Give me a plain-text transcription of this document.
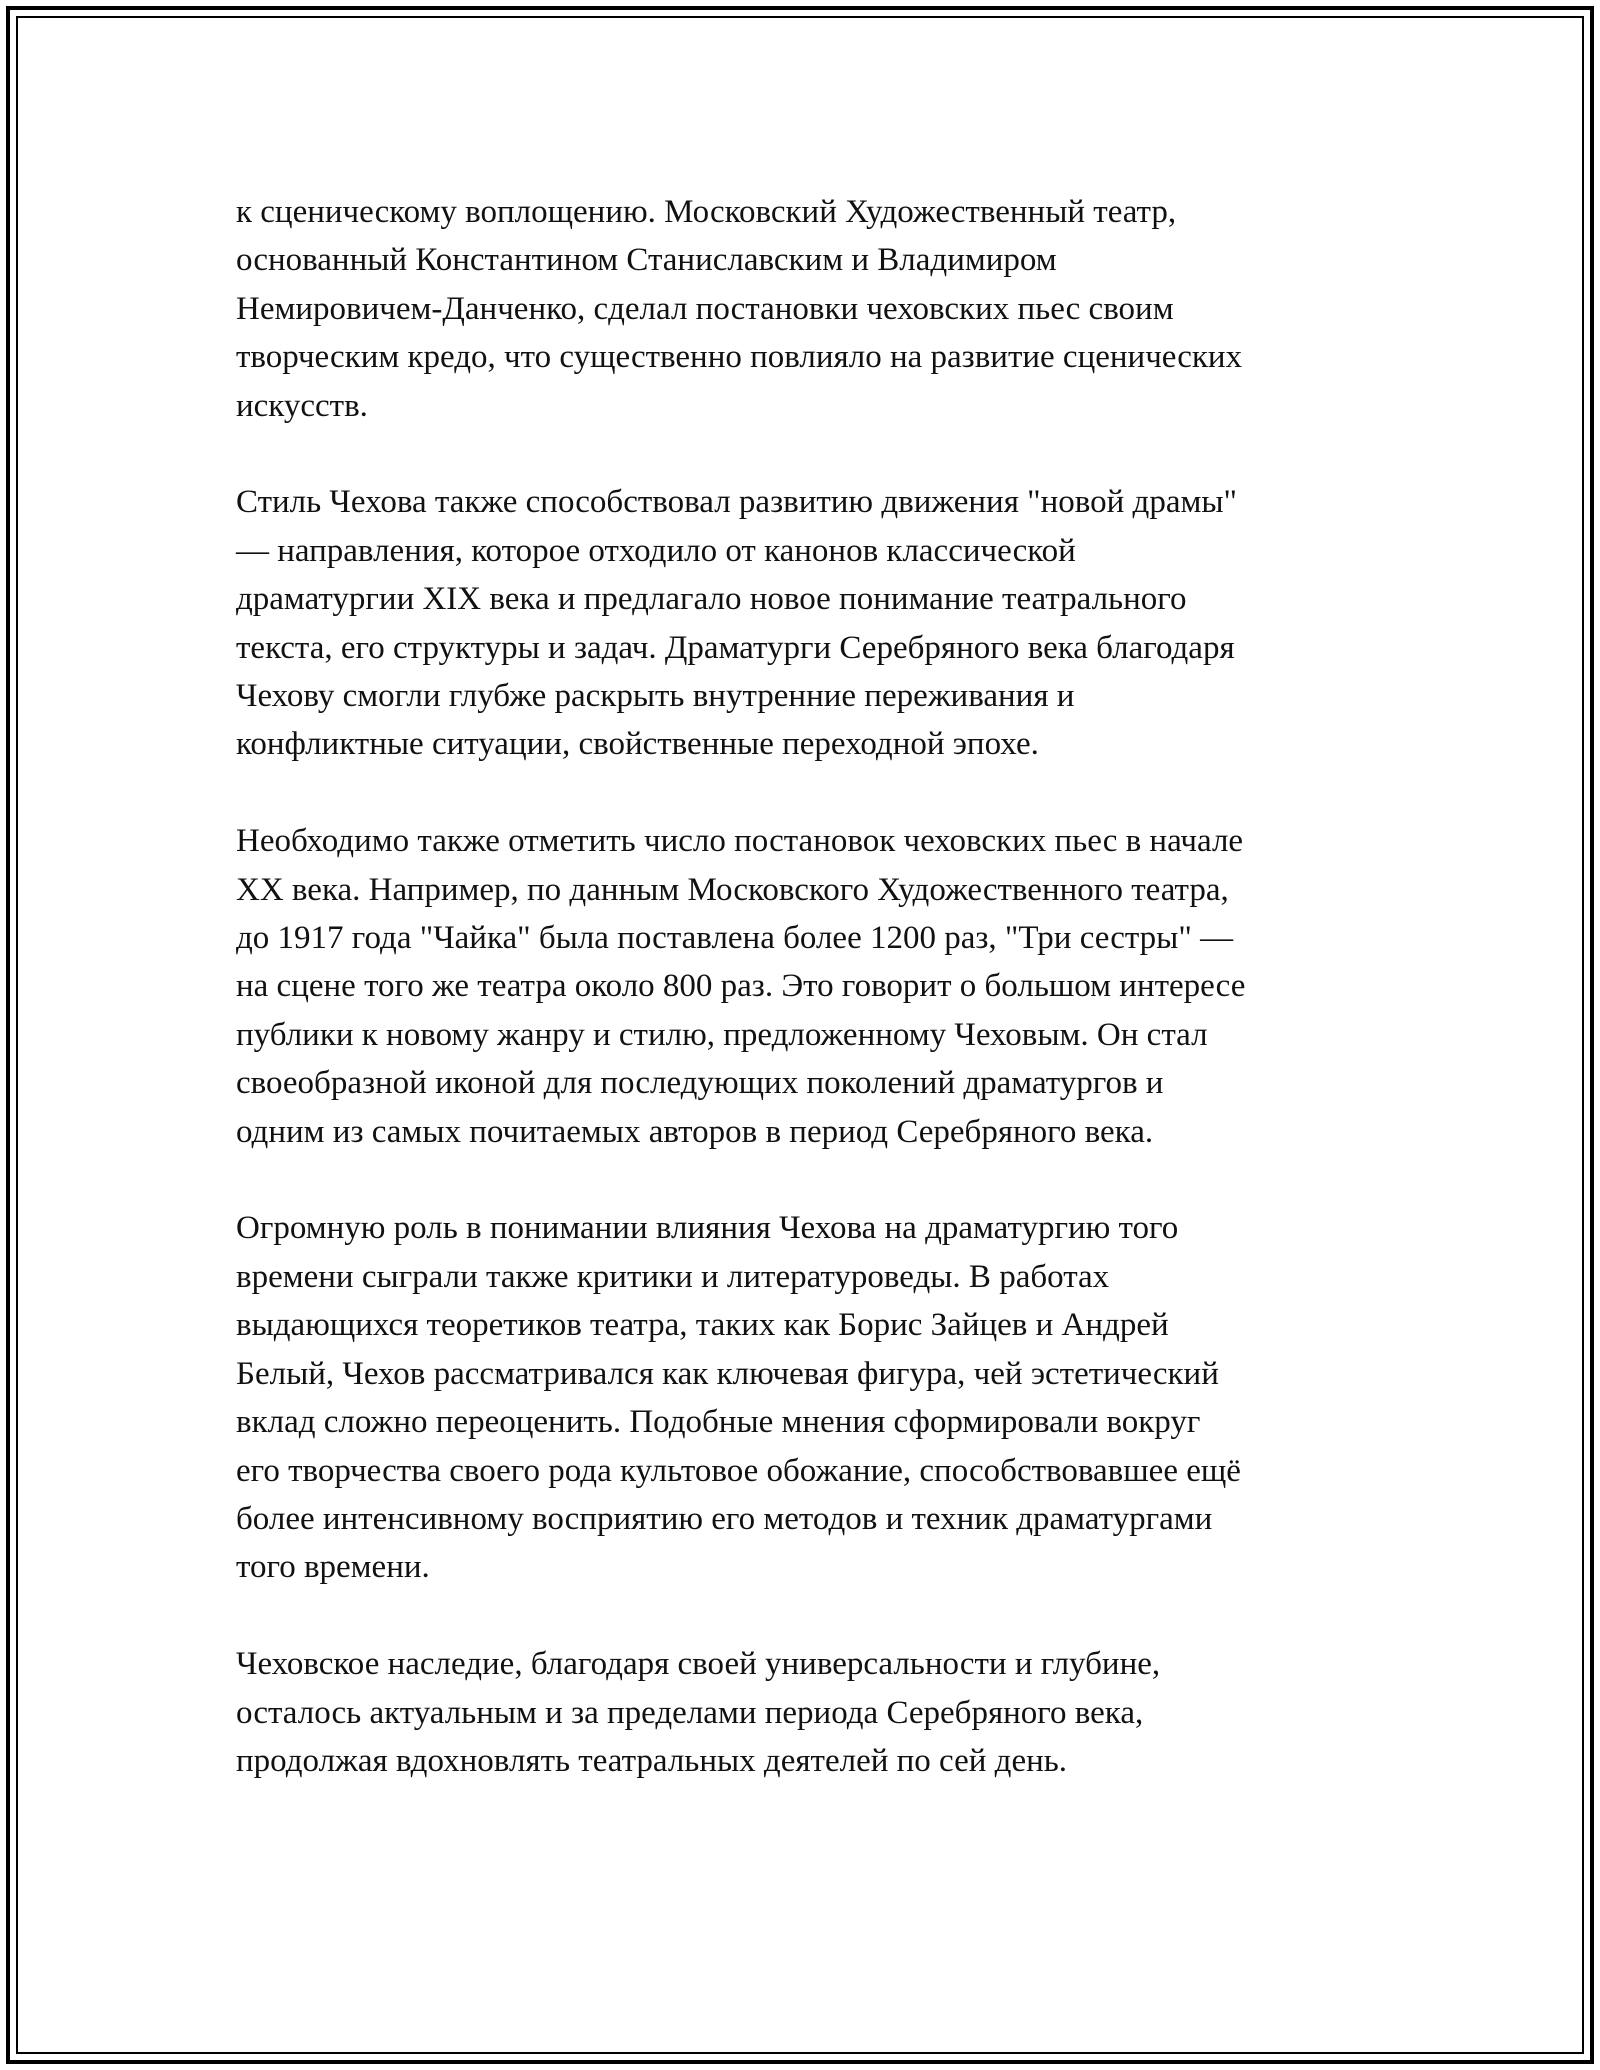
к сценическому воплощению. Московский Художественный театр,
основанный Константином Станиславским и Владимиром
Немировичем-Данченко, сделал постановки чеховских пьес своим
творческим кредо, что существенно повлияло на развитие сценических
искусств.

Стиль Чехова также способствовал развитию движения "новой драмы"
— направления, которое отходило от канонов классической
драматургии XIX века и предлагало новое понимание театрального
текста, его структуры и задач. Драматурги Серебряного века благодаря
Чехову смогли глубже раскрыть внутренние переживания и
конфликтные ситуации, свойственные переходной эпохе.

Необходимо также отметить число постановок чеховских пьес в начале
XX века. Например, по данным Московского Художественного театра,
до 1917 года "Чайка" была поставлена более 1200 раз, "Три сестры" —
на сцене того же театра около 800 раз. Это говорит о большом интересе
публики к новому жанру и стилю, предложенному Чеховым. Он стал
своеобразной иконой для последующих поколений драматургов и
одним из самых почитаемых авторов в период Серебряного века.

Огромную роль в понимании влияния Чехова на драматургию того
времени сыграли также критики и литературоведы. В работах
выдающихся теоретиков театра, таких как Борис Зайцев и Андрей
Белый, Чехов рассматривался как ключевая фигура, чей эстетический
вклад сложно переоценить. Подобные мнения сформировали вокруг
его творчества своего рода культовое обожание, способствовавшее ещё
более интенсивному восприятию его методов и техник драматургами
того времени.

Чеховское наследие, благодаря своей универсальности и глубине,
осталось актуальным и за пределами периода Серебряного века,
продолжая вдохновлять театральных деятелей по сей день.
